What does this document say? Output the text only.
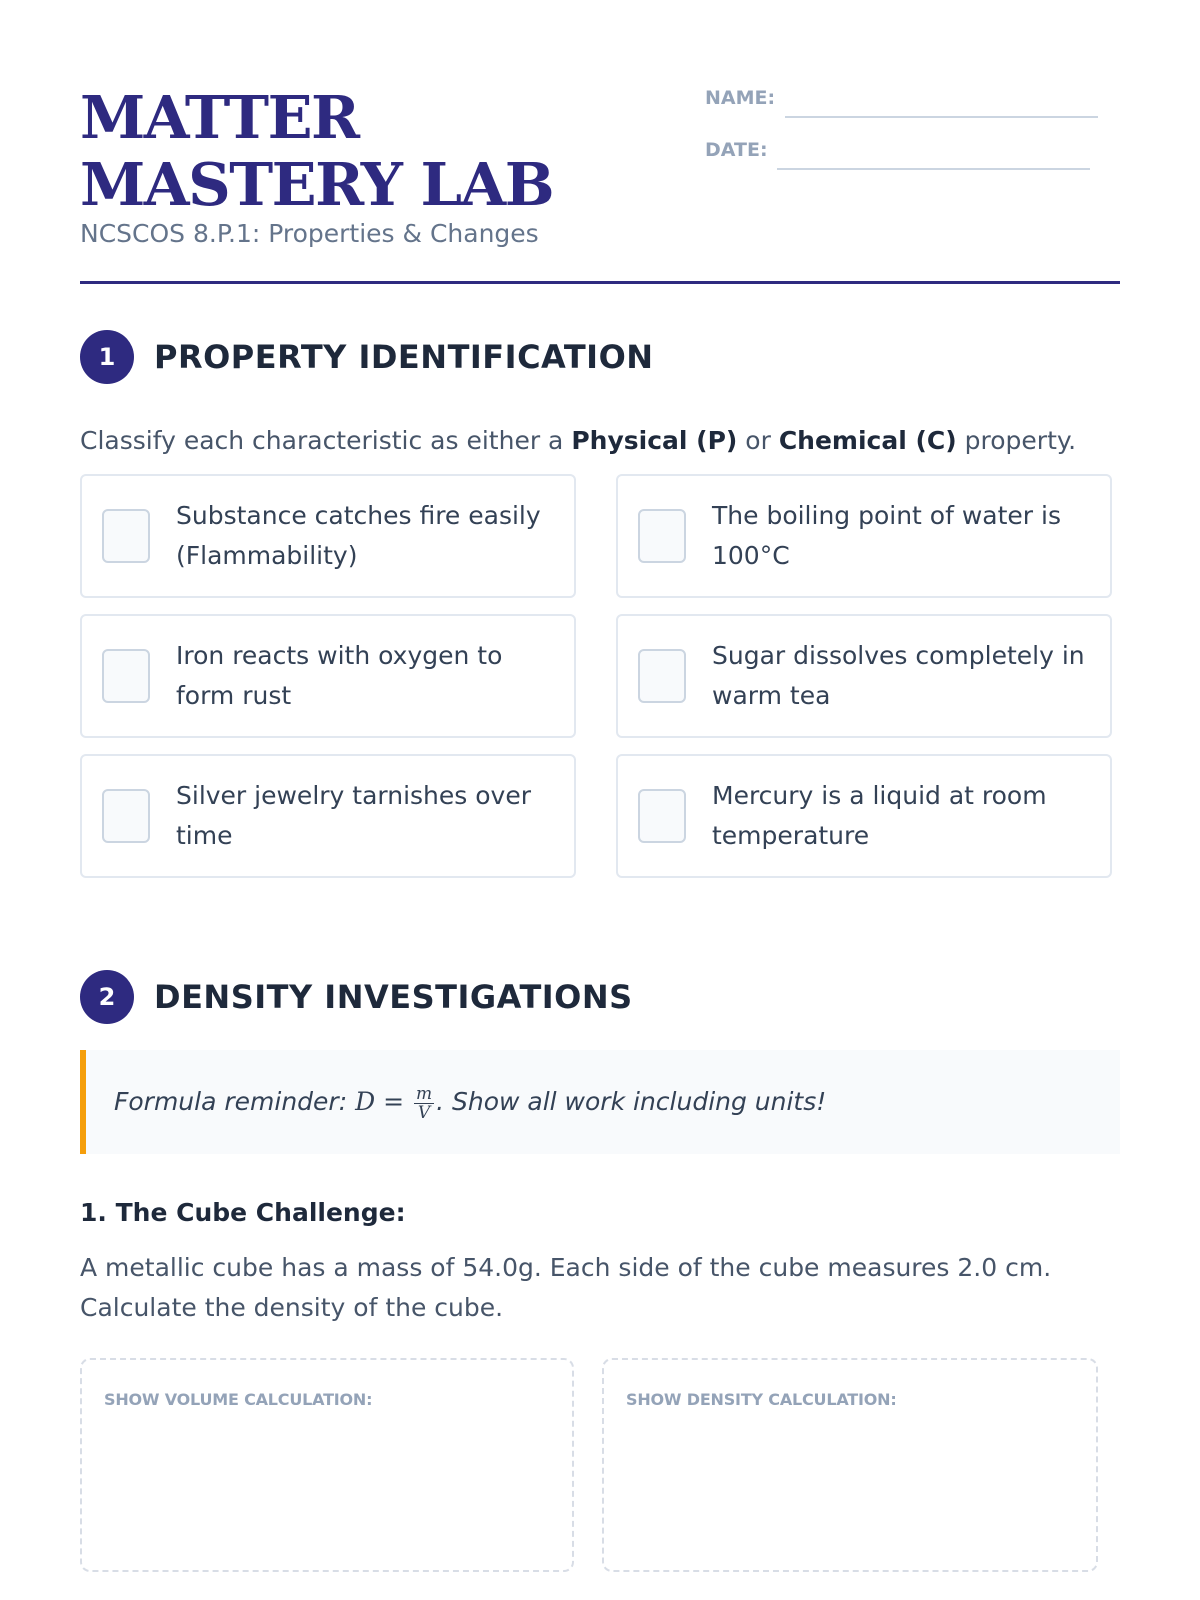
MATTER MASTERY LAB
NCSCOS 8.P.1: Properties & Changes
NAME:
DATE:
1	PROPERTY IDENTIFICATION
Classify each characteristic as either a Physical (P) or Chemical (C) property.
Substance catches fire easily (Flammability)
The boiling point of water is 100°C
Iron reacts with oxygen to form rust
Sugar dissolves completely in warm tea
Silver jewelry tarnishes over time
Mercury is a liquid at room temperature
2	DENSITY INVESTIGATIONS
Formula reminder: $D = \frac{m}{V}$ . Show all work including units!
1. The Cube Challenge:
A metallic cube has a mass of 54.0g. Each side of the cube measures 2.0 cm. Calculate the density of the cube.
SHOW VOLUME CALCULATION:	SHOW DENSITY CALCULATION:
